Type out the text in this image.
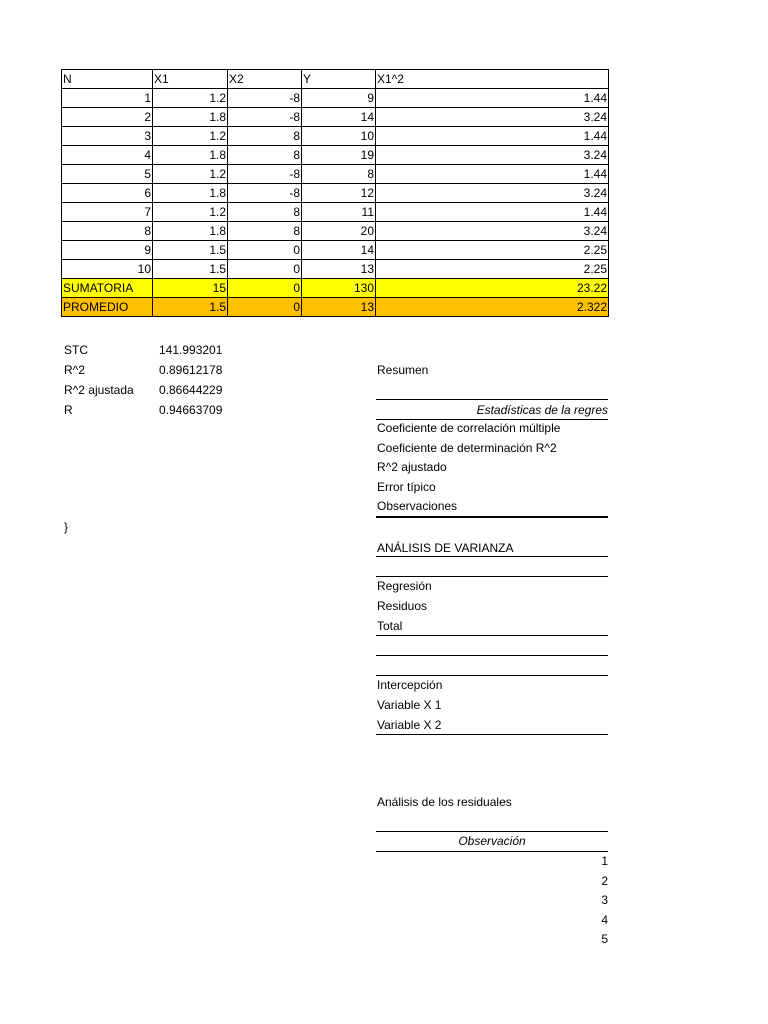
N	X1	X2	Y	X1^2
1	1.2	-8	9	1.44
2	1.8	-8	14	3.24
3	1.2	8	10	1.44
4	1.8	8	19	3.24
5	1.2	-8	8	1.44
6	1.8	-8	12	3.24
7	1.2	8	11	1.44
8	1.8	8	20	3.24
9	1.5	0	14	2.25
10	1.5	0	13	2.25
SUMATORIA	15	0	130	23.22
PROMEDIO	1.5	0	13	2.322
STC	141.993201
R^2	0.89612178
R^2 ajustada 0.86644229
R	0.94663709
}
Resumen
Estadísticas de la regres
Coeficiente de correlación múltiple
Coeficiente de determinación R^2
R^2 ajustado
Error típico
Observaciones
ANÁLISIS DE VARIANZA
Regresión
Residuos
Total
Intercepción
Variable X 1
Variable X 2
Análisis de los residuales
Observación
1
2
3
4
5
